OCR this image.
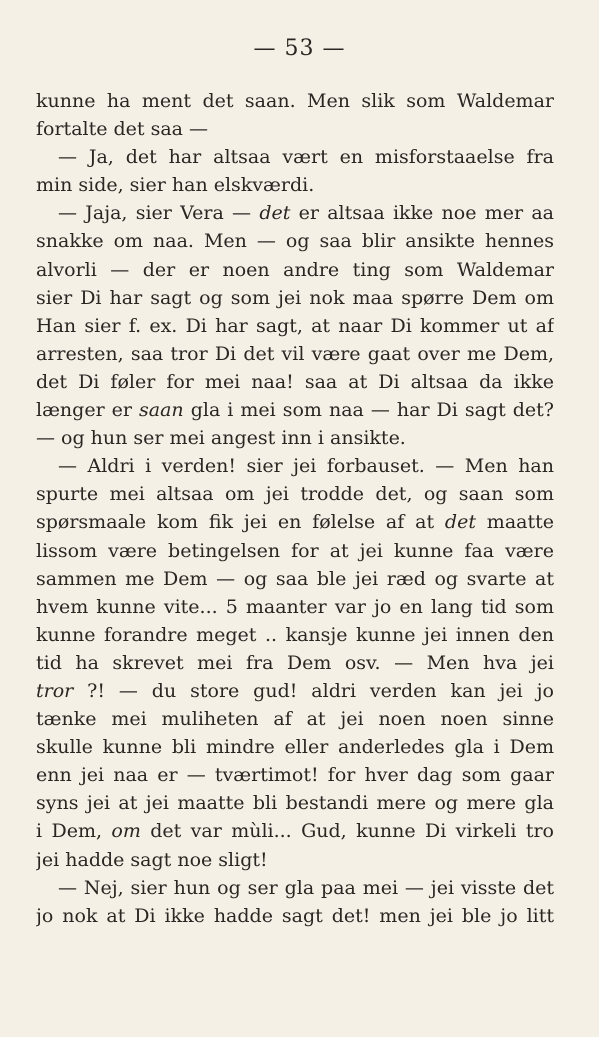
— 53 —
kunne ha ment det saan. Men slik som Waldemar
fortalte det saa —
— Ja, det har altsaa vært en misforstaaelse fra
min side, sier han elskværdi.
— Jaja, sier Vera — det er altsaa ikke noe mer aa
snakke om naa. Men — og saa blir ansikte hennes
alvorli — der er noen andre ting som Waldemar
sier Di har sagt og som jei nok maa spørre Dem om
Han sier f. ex. Di har sagt, at naar Di kommer ut af
arresten, saa tror Di det vil være gaat over me Dem,
det Di føler for mei naa! saa at Di altsaa da ikke
længer er saan gla i mei som naa — har Di sagt det?
— og hun ser mei angest inn i ansikte.
— Aldri i verden! sier jei forbauset. — Men han
spurte mei altsaa om jei trodde det, og saan som
spørsmaale kom fik jei en følelse af at det maatte
lissom være betingelsen for at jei kunne faa være
sammen me Dem — og saa ble jei ræd og svarte at
hvem kunne vite... 5 maanter var jo en lang tid som
kunne forandre meget .. kansje kunne jei innen den
tid ha skrevet mei fra Dem osv. — Men hva jei
tror ?! — du store gud! aldri verden kan jei jo
tænke mei muliheten af at jei noen noen sinne
skulle kunne bli mindre eller anderledes gla i Dem
enn jei naa er — tværtimot! for hver dag som gaar
syns jei at jei maatte bli bestandi mere og mere gla
i Dem, om det var mùli... Gud, kunne Di virkeli tro
jei hadde sagt noe sligt!
— Nej, sier hun og ser gla paa mei — jei visste det
jo nok at Di ikke hadde sagt det! men jei ble jo litt
